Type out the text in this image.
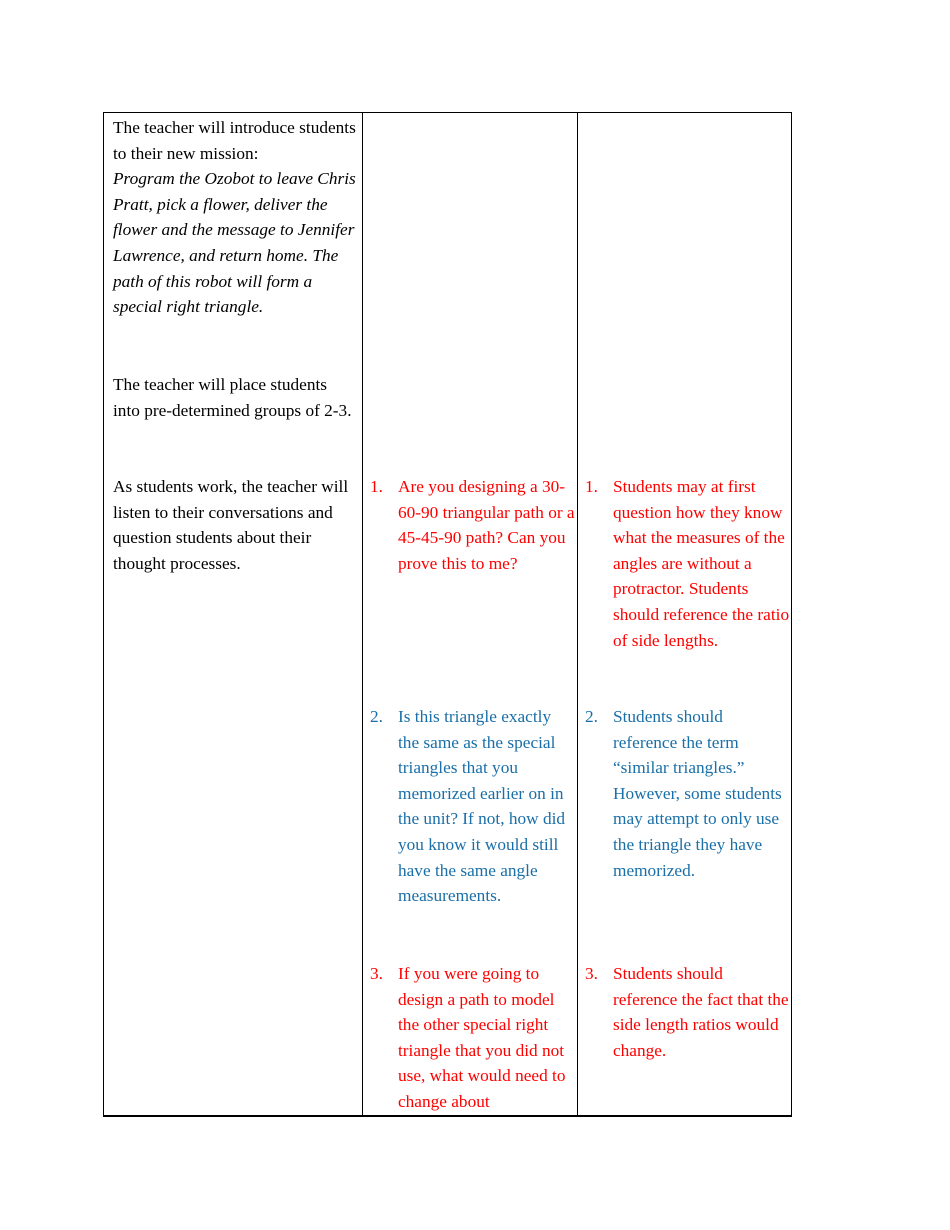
The teacher will introduce students to their new mission:
Program the Ozobot to leave Chris Pratt, pick a flower, deliver the flower and the message to Jennifer Lawrence, and return home. The path of this robot will form a special right triangle.

The teacher will place students into pre-determined groups of 2-3.

As students work, the teacher will listen to their conversations and question students about their thought processes.

1. Are you designing a 30-60-90 triangular path or a 45-45-90 path? Can you prove this to me?
2. Is this triangle exactly the same as the special triangles that you memorized earlier on in the unit? If not, how did you know it would still have the same angle measurements.
3. If you were going to design a path to model the other special right triangle that you did not use, what would need to change about
1. Students may at first question how they know what the measures of the angles are without a protractor. Students should reference the ratio of side lengths.
2. Students should reference the term “similar triangles.” However, some students may attempt to only use the triangle they have memorized.
3. Students should reference the fact that the side length ratios would change.
